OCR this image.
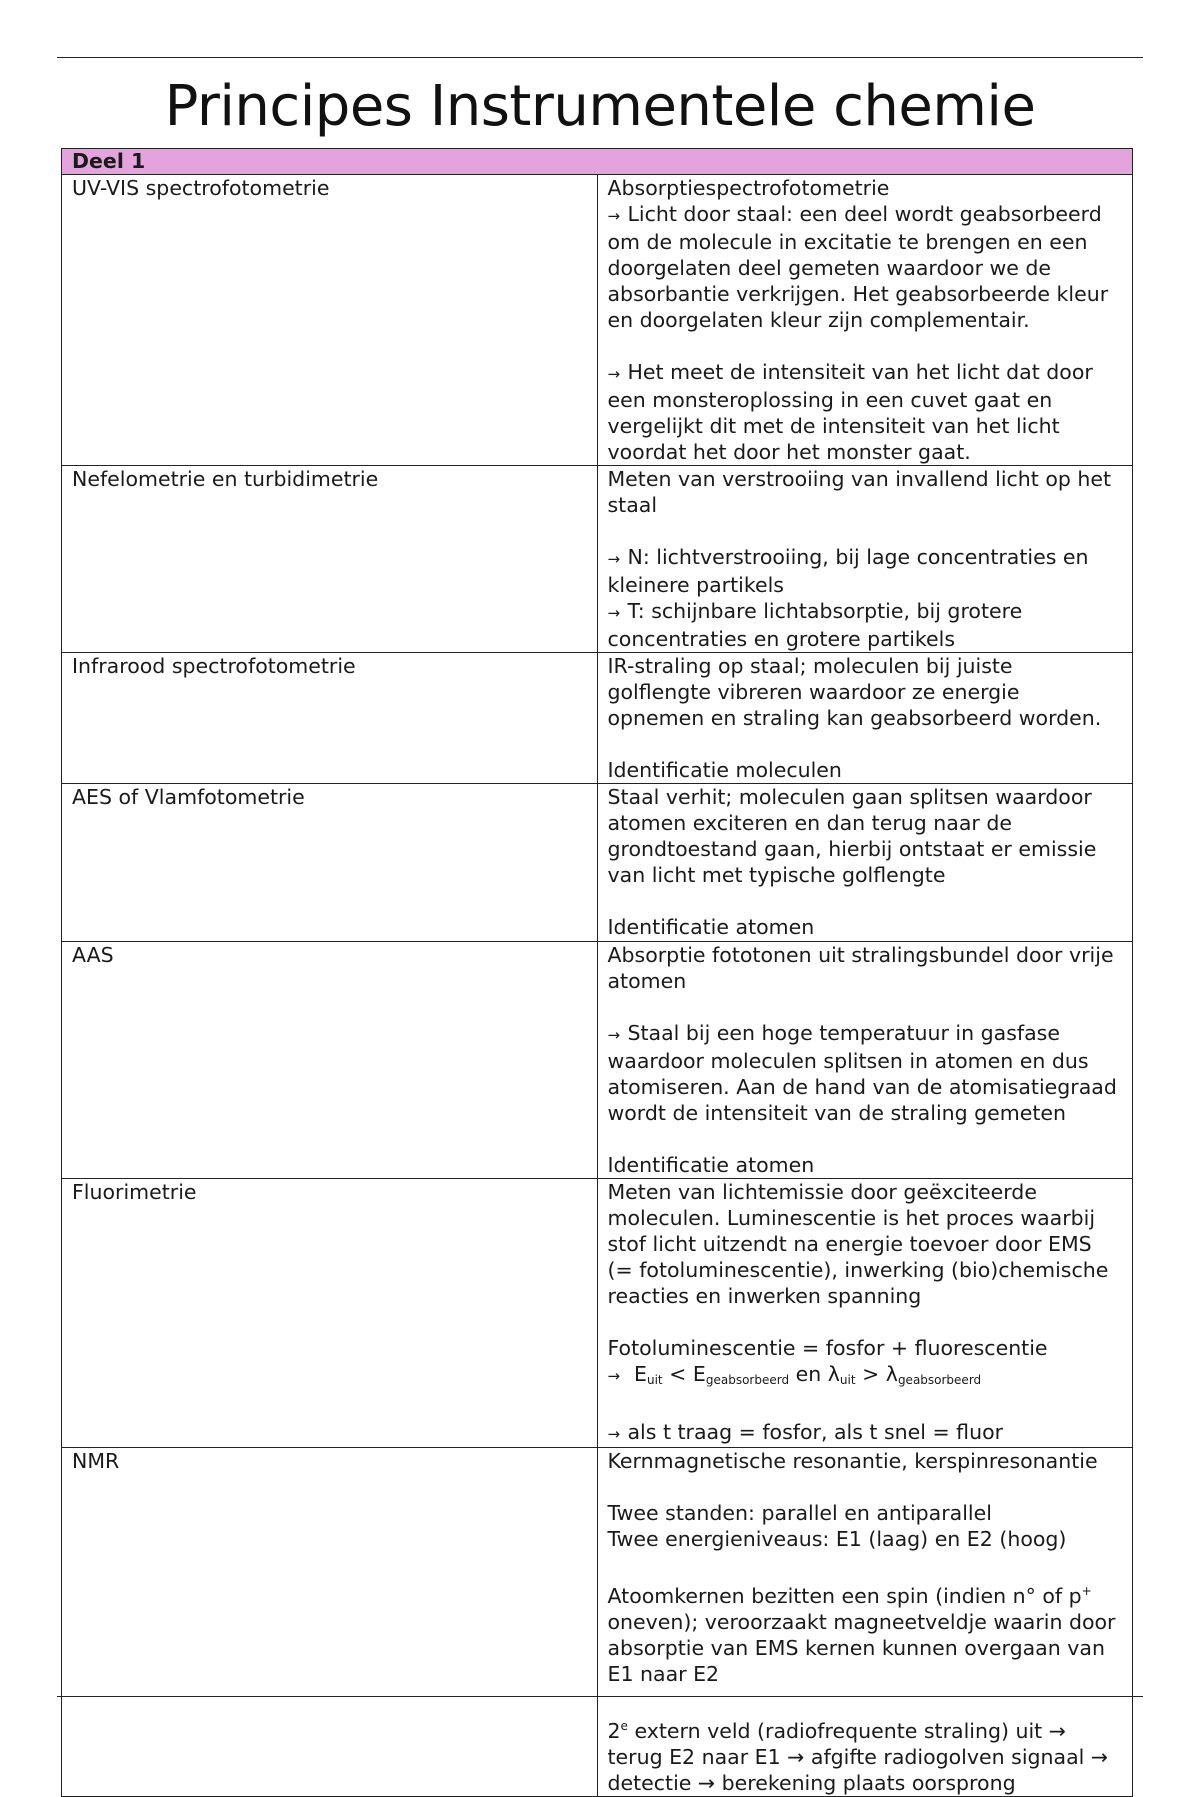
Principes Instrumentele chemie
Deel 1	
UV-VIS spectrofotometrie	Absorptiespectrofotometrie

→ Licht door staal: een deel wordt geabsorbeerd om de molecule in excitatie te brengen en een doorgelaten deel gemeten waardoor we de absorbantie verkrijgen. Het geabsorbeerde kleur en doorgelaten kleur zijn complementair.

→ Het meet de intensiteit van het licht dat door een monsteroplossing in een cuvet gaat en vergelijkt dit met de intensiteit van het licht voordat het door het monster gaat.

Nefelometrie en turbidimetrie	Meten van verstrooiing van invallend licht op het staal

→ N: lichtverstrooiing, bij lage concentraties en kleinere partikels

→ T: schijnbare lichtabsorptie, bij grotere concentraties en grotere partikels

Infrarood spectrofotometrie	IR-straling op staal; moleculen bij juiste golflengte vibreren waardoor ze energie opnemen en straling kan geabsorbeerd worden.

Identificatie moleculen

AES of Vlamfotometrie	Staal verhit; moleculen gaan splitsen waardoor atomen exciteren en dan terug naar de grondtoestand gaan, hierbij ontstaat er emissie van licht met typische golflengte

Identificatie atomen

AAS	Absorptie fototonen uit stralingsbundel door vrije atomen

→ Staal bij een hoge temperatuur in gasfase waardoor moleculen splitsen in atomen en dus atomiseren. Aan de hand van de atomisatiegraad wordt de intensiteit van de straling gemeten

Identificatie atomen

Fluorimetrie	Meten van lichtemissie door geëxciteerde moleculen. Luminescentie is het proces waarbij stof licht uitzendt na energie toevoer door EMS (= fotoluminescentie), inwerking (bio)chemische reacties en inwerken spanning

Fotoluminescentie = fosfor + fluorescentie

→ $E_{uit} < E_{geabsorbeerd}$ en $\lambda_{uit} > \lambda_{geabsorbeerd}$

→ als t traag = fosfor, als t snel = fluor

NMR	Kernmagnetische resonantie, kerspinresonantie

Twee standen: parallel en antiparallel

Twee energieniveaus: E1 (laag) en E2 (hoog)

Atoomkernen bezitten een spin (indien n° of p+ oneven); veroorzaakt magneetveldje waarin door absorptie van EMS kernen kunnen overgaan van E1 naar E2

2e extern veld (radiofrequente straling) uit → terug E2 naar E1 → afgifte radiogolven signaal → detectie → berekening plaats oorsprong
